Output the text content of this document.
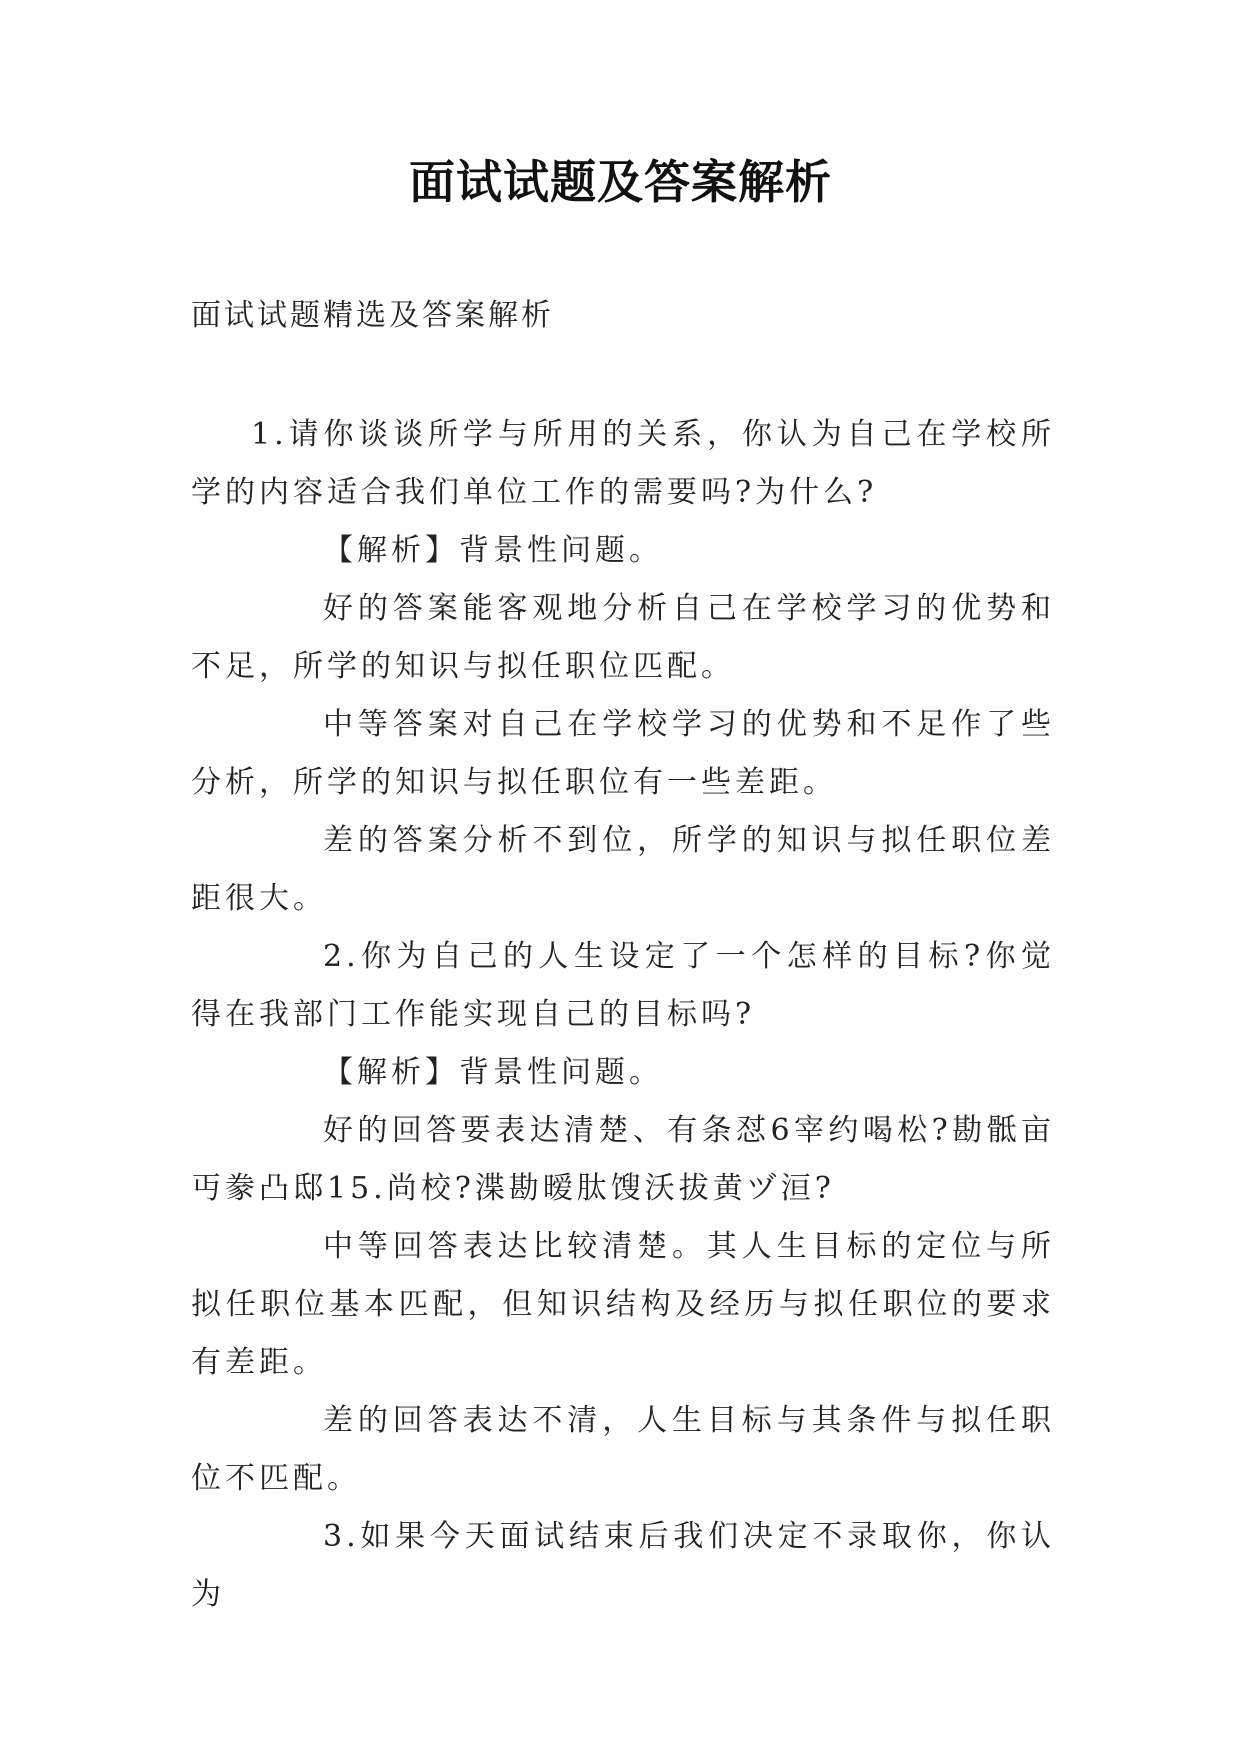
面试试题及答案解析
面试试题精选及答案解析

1.请你谈谈所学与所用的关系，你认为自己在学校所学的内容适合我们单位工作的需要吗?为什么?

【解析】背景性问题。

好的答案能客观地分析自己在学校学习的优势和不足，所学的知识与拟任职位匹配。

中等答案对自己在学校学习的优势和不足作了些分析，所学的知识与拟任职位有一些差距。

差的答案分析不到位，所学的知识与拟任职位差距很大。

2.你为自己的人生设定了一个怎样的目标?你觉得在我部门工作能实现自己的目标吗?

【解析】背景性问题。

好的回答要表达清楚、有条怼6宰约喝松?勘骶亩丏豢凸邸15.尚校?渫勘暧肽馊沃拔黄ヅ洹?

中等回答表达比较清楚。其人生目标的定位与所拟任职位基本匹配，但知识结构及经历与拟任职位的要求有差距。

差的回答表达不清，人生目标与其条件与拟任职位不匹配。

3.如果今天面试结束后我们决定不录取你，你认为
